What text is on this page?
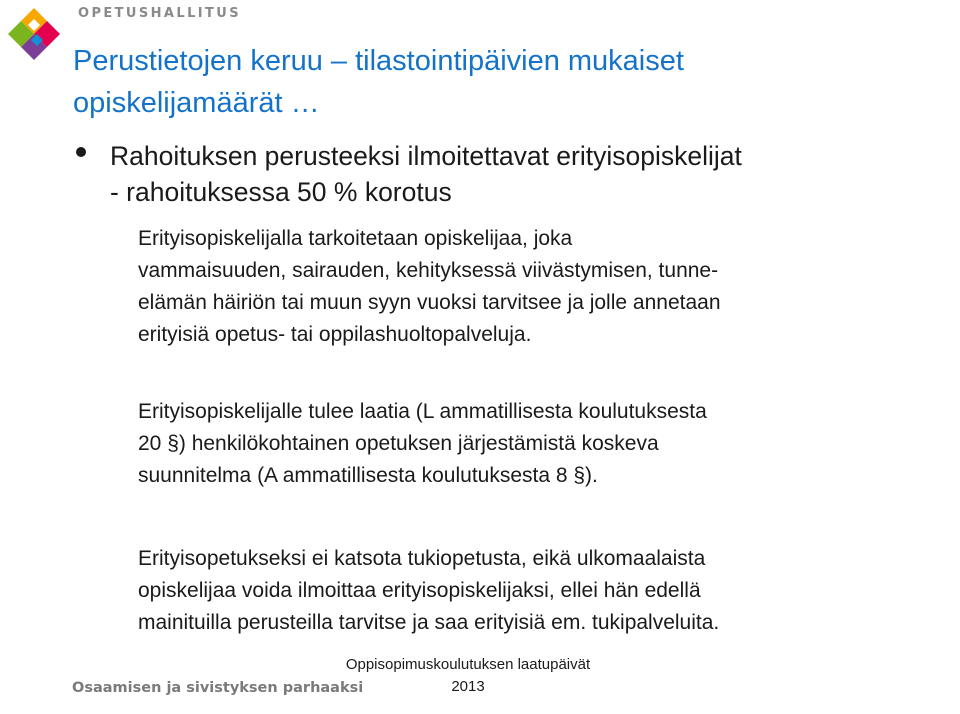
OPETUSHALLITUS
Perustietojen keruu – tilastointipäivien mukaiset
opiskelijamäärät …
Rahoituksen perusteeksi ilmoitettavat erityisopiskelijat
- rahoituksessa 50 % korotus
Erityisopiskelijalla tarkoitetaan opiskelijaa, joka
vammaisuuden, sairauden, kehityksessä viivästymisen, tunne-
elämän häiriön tai muun syyn vuoksi tarvitsee ja jolle annetaan
erityisiä opetus- tai oppilashuoltopalveluja.
Erityisopiskelijalle tulee laatia (L ammatillisesta koulutuksesta
20 §) henkilökohtainen opetuksen järjestämistä koskeva
suunnitelma (A ammatillisesta koulutuksesta 8 §).
Erityisopetukseksi ei katsota tukiopetusta, eikä ulkomaalaista
opiskelijaa voida ilmoittaa erityisopiskelijaksi, ellei hän edellä
mainituilla perusteilla tarvitse ja saa erityisiä em. tukipalveluita.
Osaamisen ja sivistyksen parhaaksi
Oppisopimuskoulutuksen laatupäivät
2013
